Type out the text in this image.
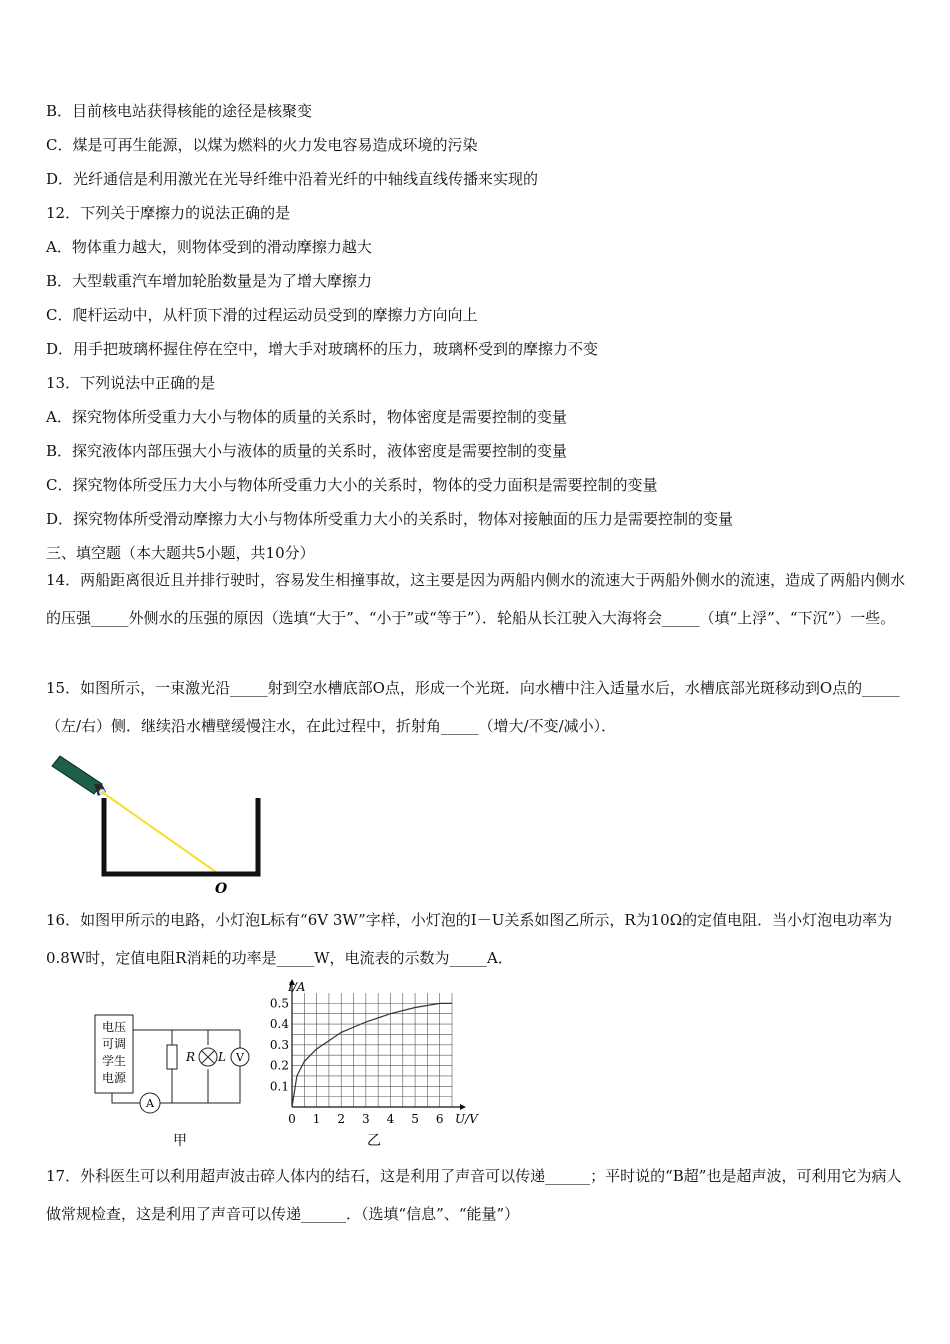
B．目前核电站获得核能的途径是核聚变
C．煤是可再生能源，以煤为燃料的火力发电容易造成环境的污染
D．光纤通信是利用激光在光导纤维中沿着光纤的中轴线直线传播来实现的
12．下列关于摩擦力的说法正确的是
A．物体重力越大，则物体受到的滑动摩擦力越大
B．大型载重汽车增加轮胎数量是为了增大摩擦力
C．爬杆运动中，从杆顶下滑的过程运动员受到的摩擦力方向向上
D．用手把玻璃杯握住停在空中，增大手对玻璃杯的压力，玻璃杯受到的摩擦力不变
13．下列说法中正确的是
A．探究物体所受重力大小与物体的质量的关系时，物体密度是需要控制的变量
B．探究液体内部压强大小与液体的质量的关系时，液体密度是需要控制的变量
C．探究物体所受压力大小与物体所受重力大小的关系时，物体的受力面积是需要控制的变量
D．探究物体所受滑动摩擦力大小与物体所受重力大小的关系时，物体对接触面的压力是需要控制的变量
三、填空题（本大题共5小题，共10分）
14．两船距离很近且并排行驶时，容易发生相撞事故，这主要是因为两船内侧水的流速大于两船外侧水的流速，造成了两船内侧水的压强_____外侧水的压强的原因（选填“大于”、“小于”或“等于”）．轮船从长江驶入大海将会_____（填“上浮”、“下沉”）一些。
15．如图所示，一束激光沿_____射到空水槽底部O点，形成一个光斑．向水槽中注入适量水后，水槽底部光斑移动到O点的_____（左/右）侧．继续沿水槽壁缓慢注水，在此过程中，折射角_____（增大/不变/减小）．
O
16．如图甲所示的电路，小灯泡L标有“6V 3W”字样，小灯泡的I－U关系如图乙所示，R为10Ω的定值电阻．当小灯泡电功率为0.8W时，定值电阻R消耗的功率是_____W，电流表的示数为_____A．
电压
可调
学生
电源
A
R L V
甲
0 1 2 3 4 5 6
0.1
0.2
0.3
0.4
0.5
I/A
U/V
乙
17．外科医生可以利用超声波击碎人体内的结石，这是利用了声音可以传递______；平时说的“B超”也是超声波，可利用它为病人做常规检查，这是利用了声音可以传递______．（选填“信息”、“能量”）
